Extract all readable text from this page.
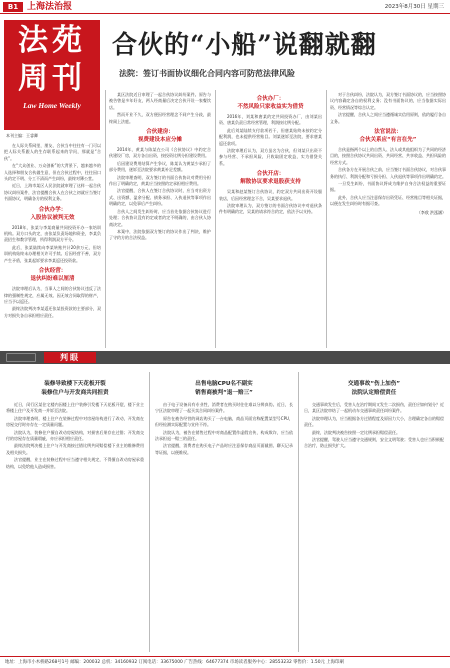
B1 上海法治报	2023年8月30日 星期三
法苑
周刊
Law Home Weekly
本刊主编：王睿卿
合伙的“小船”说翻就翻
法院：签订书面协议细化合同内容可防范法律风险

在人际关系网里，朋友、合伙当中往往有一门可以把人际关系跟人的生存联系起来的学问，那就是“合伙”。

在“大众创业、万众创新”的大背景下，越来越多的人选择和朋友合伙做生意，但在合伙过程中，往往因口头约定不明、分工不清而产生纠纷，最终对簿公堂。

近日，上海市某区人民法院就审理了这样一起合伙协议纠纷案件，法官提醒合伙人在合伙之初就应当签订书面协议，明确各方的权利义务。

合伙办学：
入股协议被判无效

2018年，张某与李某商量共同投资开办一家培训机构。双方口头约定，由张某负责场地和资金，李某负责招生和教学管理，所得利润双方平分。

此后，张某陆续向李某转账共计20余万元，但培训机构始终未办理相关许可手续。后因经营不善，双方产生矛盾，张某起诉要求李某返还投资款。

合伙经营：
退伙纠纷难以厘清

法院审理后认为，当事人之间的合伙协议违反了法律的强制性规定，应属无效。因无效合同取得的财产，应当予以返还。

最终法院判决李某返还张某投资款的主要部分，双方对损失各自承担相应责任。

某区法院近日审理了一起合伙协议纠纷案件。原告与被告曾是多年好友，两人经商量后决定合伙开设一家餐饮店。

然而开业不久，双方便因经营理念不同产生分歧，最终闹上法庭。

合伙建房：
视费建设本应分摊

2014年，黄某与陈某在公司《合伙协议》中约定合伙建设厂房，双方各自出资，按投资比例分担建设费用。

后因建设费用结算产生争议，陈某认为黄某少承担了部分费用，遂诉至法院要求黄某补足差额。

法院审理查明，双方签订的书面合伙协议对费用分担作出了明确约定，黄某应当按照约定承担相应费用。

法官提醒，合伙人在签订合伙协议时，应当对出资方式、出资额、盈余分配、债务承担、入伙退伙等事项作出明确约定，以免事后产生纠纷。

合伙人之间发生纠纷时，应当首先依据合伙协议进行处理；合伙协议没有约定或者约定不明确的，由合伙人协商决定。

本案中，法院依据双方签订的协议作出了判决，维护了守约方的合法权益。

合伙办厂：
不然风险只家收益实为借贷

2016年，刘某和唐某约定共同投资办厂，由刘某出资、唐某负责日常经营管理，利润按比例分配。

此后刘某陆续支付款项若干，但唐某始终未按约定分配利润，也未提供经营账目。刘某遂诉至法院，要求唐某返还款项。

法院审理后认为，双方虽名为合伙，但刘某只出资不参与经营、不承担风险，只收取固定收益，实为借贷关系。

合伙开店：
解散协议要求退股获支持

吴某和赵某签订合伙协议，约定双方共同出资开设服装店，后因经营理念不合，吴某要求退伙。

法院审理认为，双方签订的书面合伙协议中对退伙条件有明确约定，吴某的请求符合约定，依法予以支持。

对于合伙纠纷，法院认为，双方签订书面协议的，应当按照协议内容确定各自的权利义务；没有书面协议的，应当依据实际出资、经营情况等综合认定。

法官提醒，合伙人之间应当遵循诚实信用原则，依约履行各自义务。

法官说法：
合伙关系应“有言在先”

合伙是指两个以上的自然人、法人或其他组织为了共同的经济目的，按照合伙协议共同出资、共同经营、共享收益、共担风险的经营方式。

合伙各方在开展合伙之前，应当签订书面合伙协议，对合伙事务的执行、利润分配和亏损分担、入伙退伙等事项作出明确约定。

一旦发生纠纷，书面协议将成为维护自身合法权益的重要证据。

此外，合伙人应当注意保存出资凭证、经营账目等相关证据，以便在发生纠纷时有据可查。

（李欣 洪泓涵）
判眼
装修导致楼下天花板开裂
装修住户与开发商共同担责

近日，闵行区某住宅楼内因楼上住户装修引发楼下天花板开裂，楼下业主将楼上住户及开发商一并诉至法院。

法院审理查明，楼上住户在装修过程中对房屋结构进行了改动，开发商在房屋交付时亦存在一定质量问题。

法院认为，装修住户擅自改动房屋结构，对损害后果存在过错；开发商交付的房屋存在质量瑕疵，亦应承担相应责任。

最终法院判决楼上住户与开发商按过错比例共同赔偿楼下业主的维修费用及相关损失。

法官提醒，业主在装修过程中应当遵守相关规定，不得擅自改动房屋承重结构，以免给他人造成损害。

出售电脑CPU名不副实
销售商被判“退一赔三”

由于电子设备具有专业性，消费者在购买时往往难以分辨真伪。近日，长宁区法院审理了一起买卖合同纠纷案件。

原告在被告经营的网店购买了一台电脑，商品页面宣称配置某型号CPU，但经检测实际配置与宣传不符。

法院认为，被告在销售过程中对商品配置作虚假宣传，构成欺诈，应当依法承担退一赔三的责任。

法官提醒，消费者在购买电子产品时应注意保存商品页面截图、聊天记录等证据，以便维权。

交通事故“伤上加伤”
法院认定赔偿责任

交通事故发生后，受害人在治疗期间又发生二次损伤，责任应如何划分？近日，某区法院审结了一起机动车交通事故责任纠纷案件。

法院审理认为，应当根据各方过错程度及原因力大小，合理确定各自的赔偿责任。

最终，法院判决被告按照一定比例承担赔偿责任。

法官提醒，驾驶人应当遵守交通规则，安全文明驾驶；受害人也应当积极配合治疗，防止损失扩大。

地址：上海市小木桥路268号1号 邮编：200032 总机：34160932 订阅电话：33675000 广告热线：64677374 市场读者服务中心：28553232 零售价：1.50元 上海印刷
